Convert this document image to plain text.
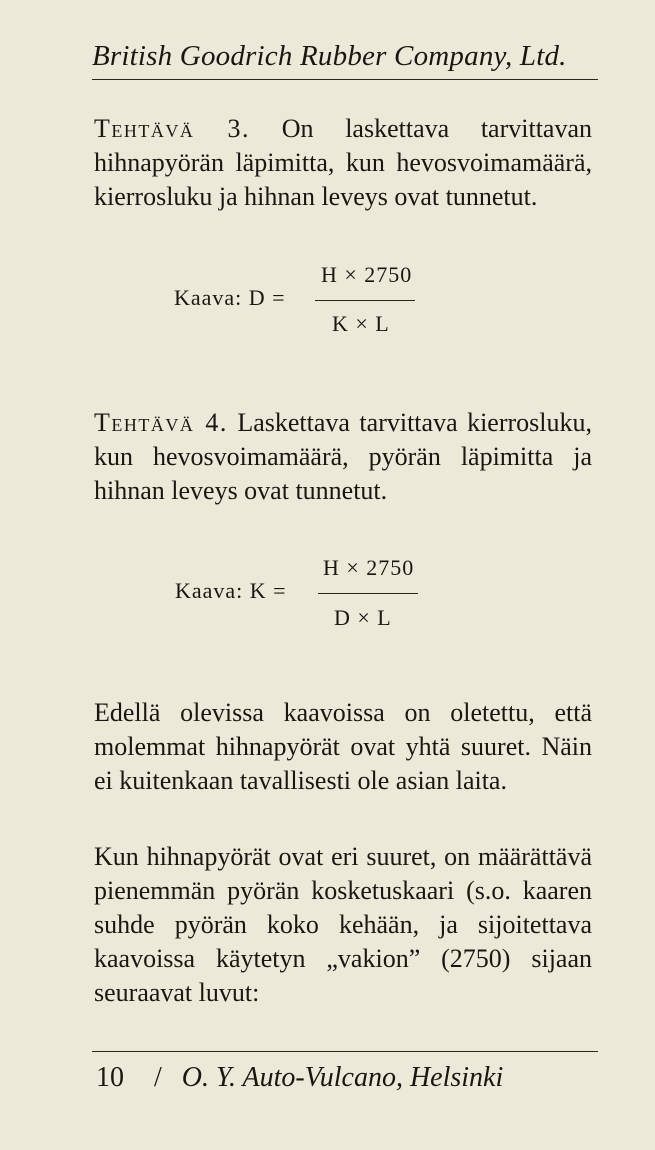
British Goodrich Rubber Company, Ltd.

Tehtävä 3. On laskettava tarvittavan hihnapyörän läpimitta, kun hevosvoimamäärä, kierrosluku ja hihnan leveys ovat tunnetut.

H × 2750
Kaava: D =
K × L

Tehtävä 4. Laskettava tarvittava kierrosluku, kun hevosvoimamäärä, pyörän läpimitta ja hihnan leveys ovat tunnetut.

H × 2750
Kaava: K =
D × L

Edellä olevissa kaavoissa on oletettu, että molemmat hihnapyörät ovat yhtä suuret. Näin ei kuitenkaan tavallisesti ole asian laita.

Kun hihnapyörät ovat eri suuret, on määrättävä pienemmän pyörän kosketuskaari (s.o. kaaren suhde pyörän koko kehään, ja sijoitettava kaavoissa käytetyn „vakion” (2750) sijaan seuraavat luvut:

10 / O. Y. Auto-Vulcano, Helsinki
